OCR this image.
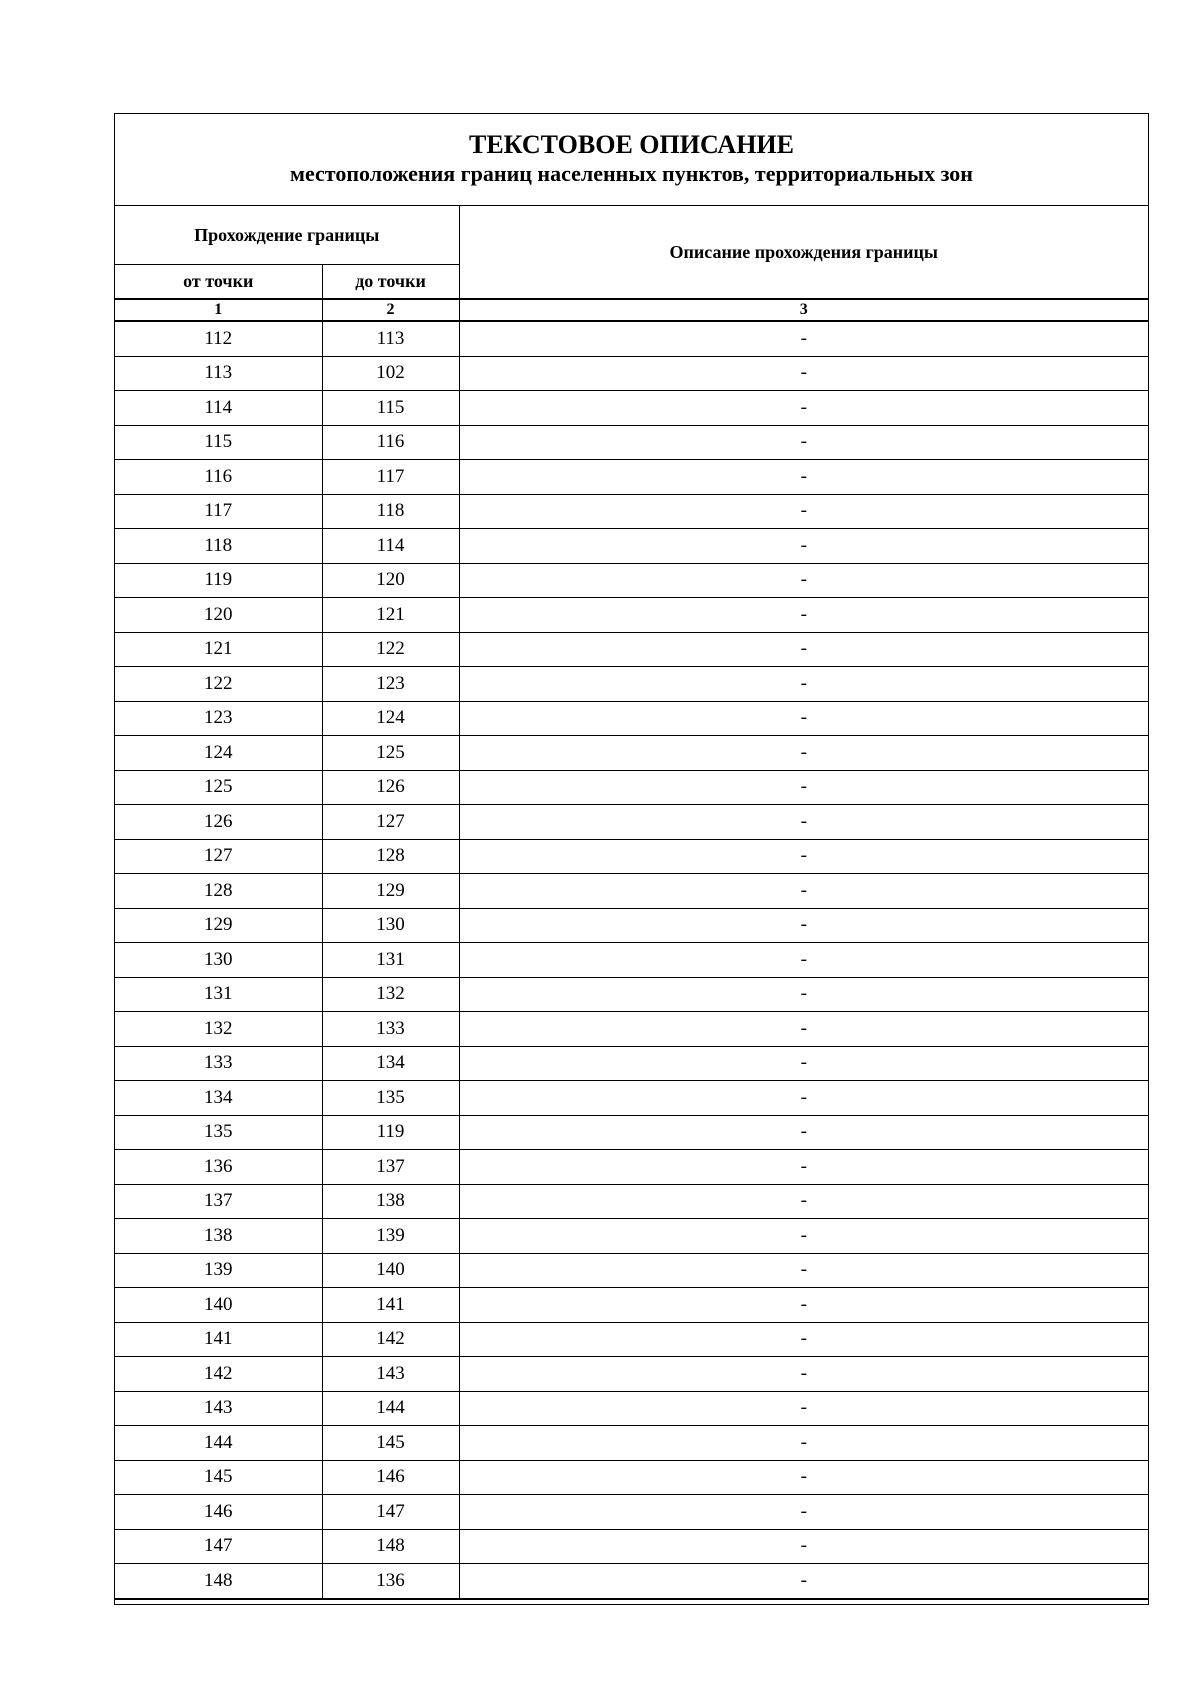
ТЕКСТОВОЕ ОПИСАНИЕ
местоположения границ населенных пунктов, территориальных зон
Прохождение границы		Описание прохождения границы
от точки	до точки	
1	2	3
112	113	-
113	102	-
114	115	-
115	116	-
116	117	-
117	118	-
118	114	-
119	120	-
120	121	-
121	122	-
122	123	-
123	124	-
124	125	-
125	126	-
126	127	-
127	128	-
128	129	-
129	130	-
130	131	-
131	132	-
132	133	-
133	134	-
134	135	-
135	119	-
136	137	-
137	138	-
138	139	-
139	140	-
140	141	-
141	142	-
142	143	-
143	144	-
144	145	-
145	146	-
146	147	-
147	148	-
148	136	-
